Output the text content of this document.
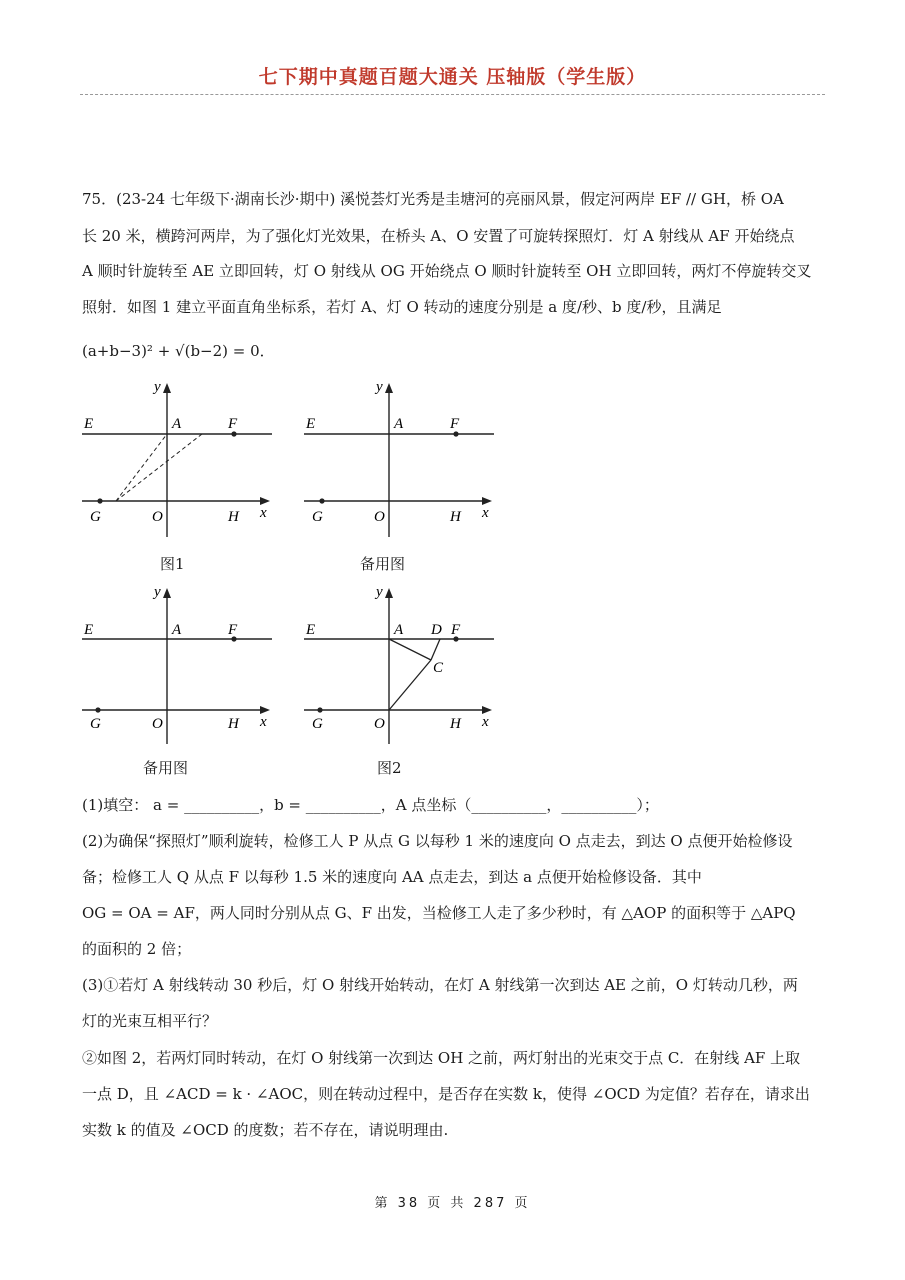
七下期中真题百题大通关 压轴版（学生版）
75．(23-24 七年级下·湖南长沙·期中) 溪悦荟灯光秀是圭塘河的亮丽风景，假定河两岸 EF // GH，桥 OA
长 20 米，横跨河两岸，为了强化灯光效果，在桥头 A、O 安置了可旋转探照灯．灯 A 射线从 AF 开始绕点
A 顺时针旋转至 AE 立即回转，灯 O 射线从 OG 开始绕点 O 顺时针旋转至 OH 立即回转，两灯不停旋转交叉
照射．如图 1 建立平面直角坐标系，若灯 A、灯 O 转动的速度分别是 a 度/秒、b 度/秒，且满足
(a+b−3)² + √(b−2) = 0．
E	A	F
G	O	H x
y
图1
E	A	F
G	O	H x
y
备用图
E	A	F
G	O	H x
y
备用图
E	A D F
C
G	O	H x
y
图2
(1)填空： a = __________，b = __________，A 点坐标（__________，__________）；
(2)为确保“探照灯”顺利旋转，检修工人 P 从点 G 以每秒 1 米的速度向 O 点走去，到达 O 点便开始检修设
备；检修工人 Q 从点 F 以每秒 1.5 米的速度向 AA 点走去，到达 a 点便开始检修设备．其中
OG = OA = AF，两人同时分别从点 G、F 出发，当检修工人走了多少秒时，有 △AOP 的面积等于 △APQ
的面积的 2 倍；
(3)①若灯 A 射线转动 30 秒后，灯 O 射线开始转动，在灯 A 射线第一次到达 AE 之前，O 灯转动几秒，两
灯的光束互相平行？
②如图 2，若两灯同时转动，在灯 O 射线第一次到达 OH 之前，两灯射出的光束交于点 C．在射线 AF 上取
一点 D，且 ∠ACD = k · ∠AOC，则在转动过程中，是否存在实数 k，使得 ∠OCD 为定值？若存在，请求出
实数 k 的值及 ∠OCD 的度数；若不存在，请说明理由.
第 38 页 共 287 页
